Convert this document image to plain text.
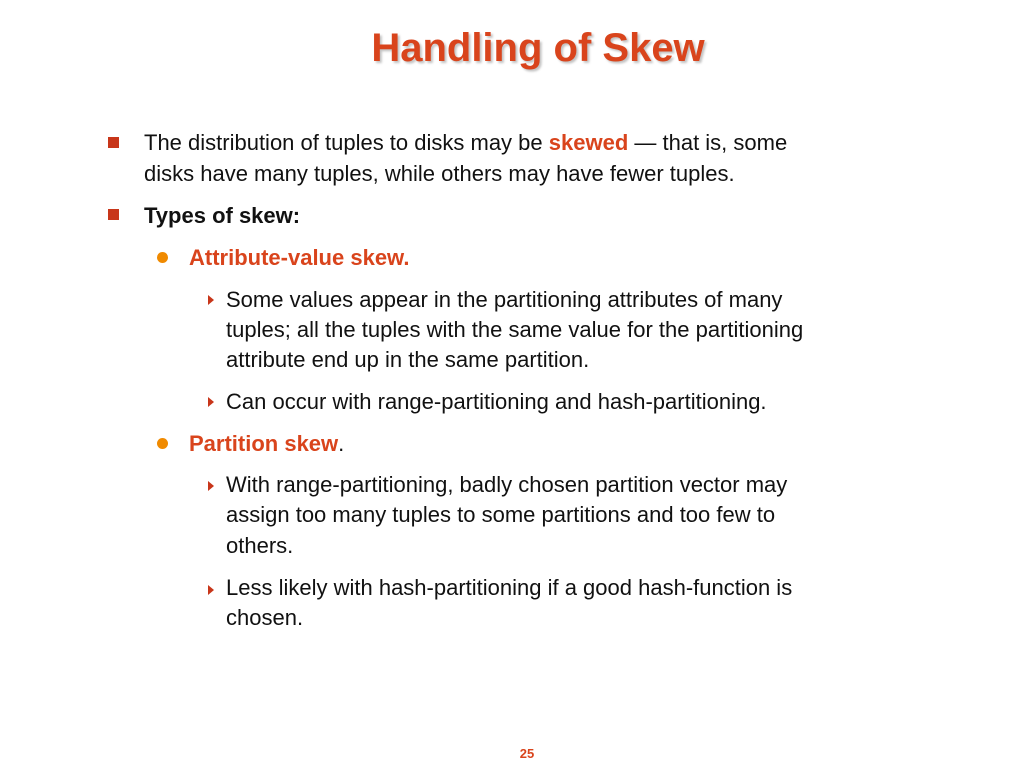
Handling of Skew
The distribution of tuples to disks may be skewed — that is, some
disks have many tuples, while others may have fewer tuples.
Types of skew:
Attribute-value skew.
Some values appear in the partitioning attributes of many
tuples; all the tuples with the same value for the partitioning
attribute end up in the same partition.
Can occur with range-partitioning and hash-partitioning.
Partition skew.
With range-partitioning, badly chosen partition vector may
assign too many tuples to some partitions and too few to
others.
Less likely with hash-partitioning if a good hash-function is
chosen.
25
